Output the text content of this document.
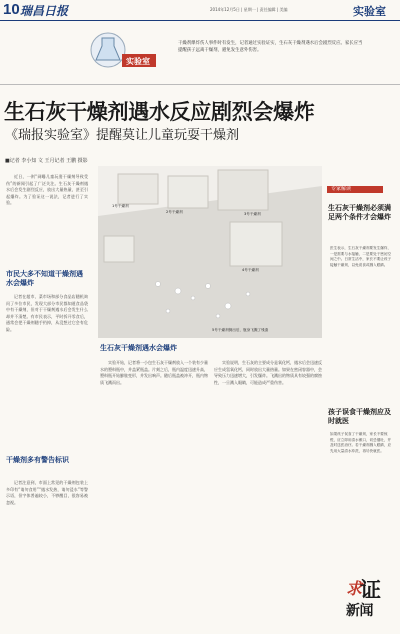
10 瑞昌日报	2014年12月5日 | 星期一 | 责任编辑 | 美编	实验室
实验室
干燥剂爆炸伤人事件时有发生，记者通过实验证实，生石灰干燥剂遇水后会剧烈反应。家长应当提醒孩子远离干燥剂，避免发生意外伤害。
生石灰干燥剂遇水反应剧烈会爆炸
《瑞报实验室》提醒莫让儿童玩耍干燥剂
■记者 李小知 文 王月记者 王鹏 摄影

近日，一则“网曝儿童玩耍干燥剂导致受伤”的新闻引起了广泛关注。生石灰干燥剂遇水后会发生剧烈反应，放出大量热量，甚至引起爆炸。为了验证这一说法，记者进行了实验。

市民大多不知道干燥剂遇水会爆炸

记者在超市、菜市场和部分食品店随机询问了多位市民，发现大部分市民都知道食品袋中有干燥剂，但对于干燥剂遇水后会发生什么却并不清楚。有市民表示，平时拆开零食后，通常会把干燥剂随手扔掉，从没想过它会有危险。

干燥剂多有警告标识

记者注意到，市面上常见的干燥剂包装上多印有“请勿食用”“遇水发热，请勿浸水”等警示语，但字体普遍较小，不够醒目，很容易被忽视。

1号干燥剂
2号干燥剂	3号干燥剂
4号干燥剂
5号干燥剂倒出后，瓶身飞溅了残渣
生石灰干燥剂遇水会爆炸

实验开始，记者将一小包生石灰干燥剂放入一个装有少量水的塑料瓶中，并盖紧瓶盖。片刻之后，瓶内温度迅速升高，塑料瓶开始膨胀变形，并发出响声。随后瓶盖被冲开，瓶内物质飞溅而出。

实验说明，生石灰的主要成分是氧化钙，遇水后会迅速反应生成氢氧化钙，同时放出大量热量。如果在密闭容器中，会导致压力迅速增大，引发爆炸。飞溅出的物质具有较强的腐蚀性，一旦溅入眼睛，可能造成严重伤害。

专家解读
生石灰干燥剂必须满足两个条件才会爆炸
医生表示，生石灰干燥剂要发生爆炸，一是需要与水接触，二是要处于密闭空间之中。日常生活中，家长不要让孩子接触干燥剂，以免误食或溅入眼睛。
孩子误食干燥剂应及时就医
如果孩子误食了干燥剂，家长不要惊慌，应立即用清水漱口，切忌催吐，并及时送医治疗。若干燥剂溅入眼睛，应先用大量清水冲洗，再尽快就医。
求
证
新闻
